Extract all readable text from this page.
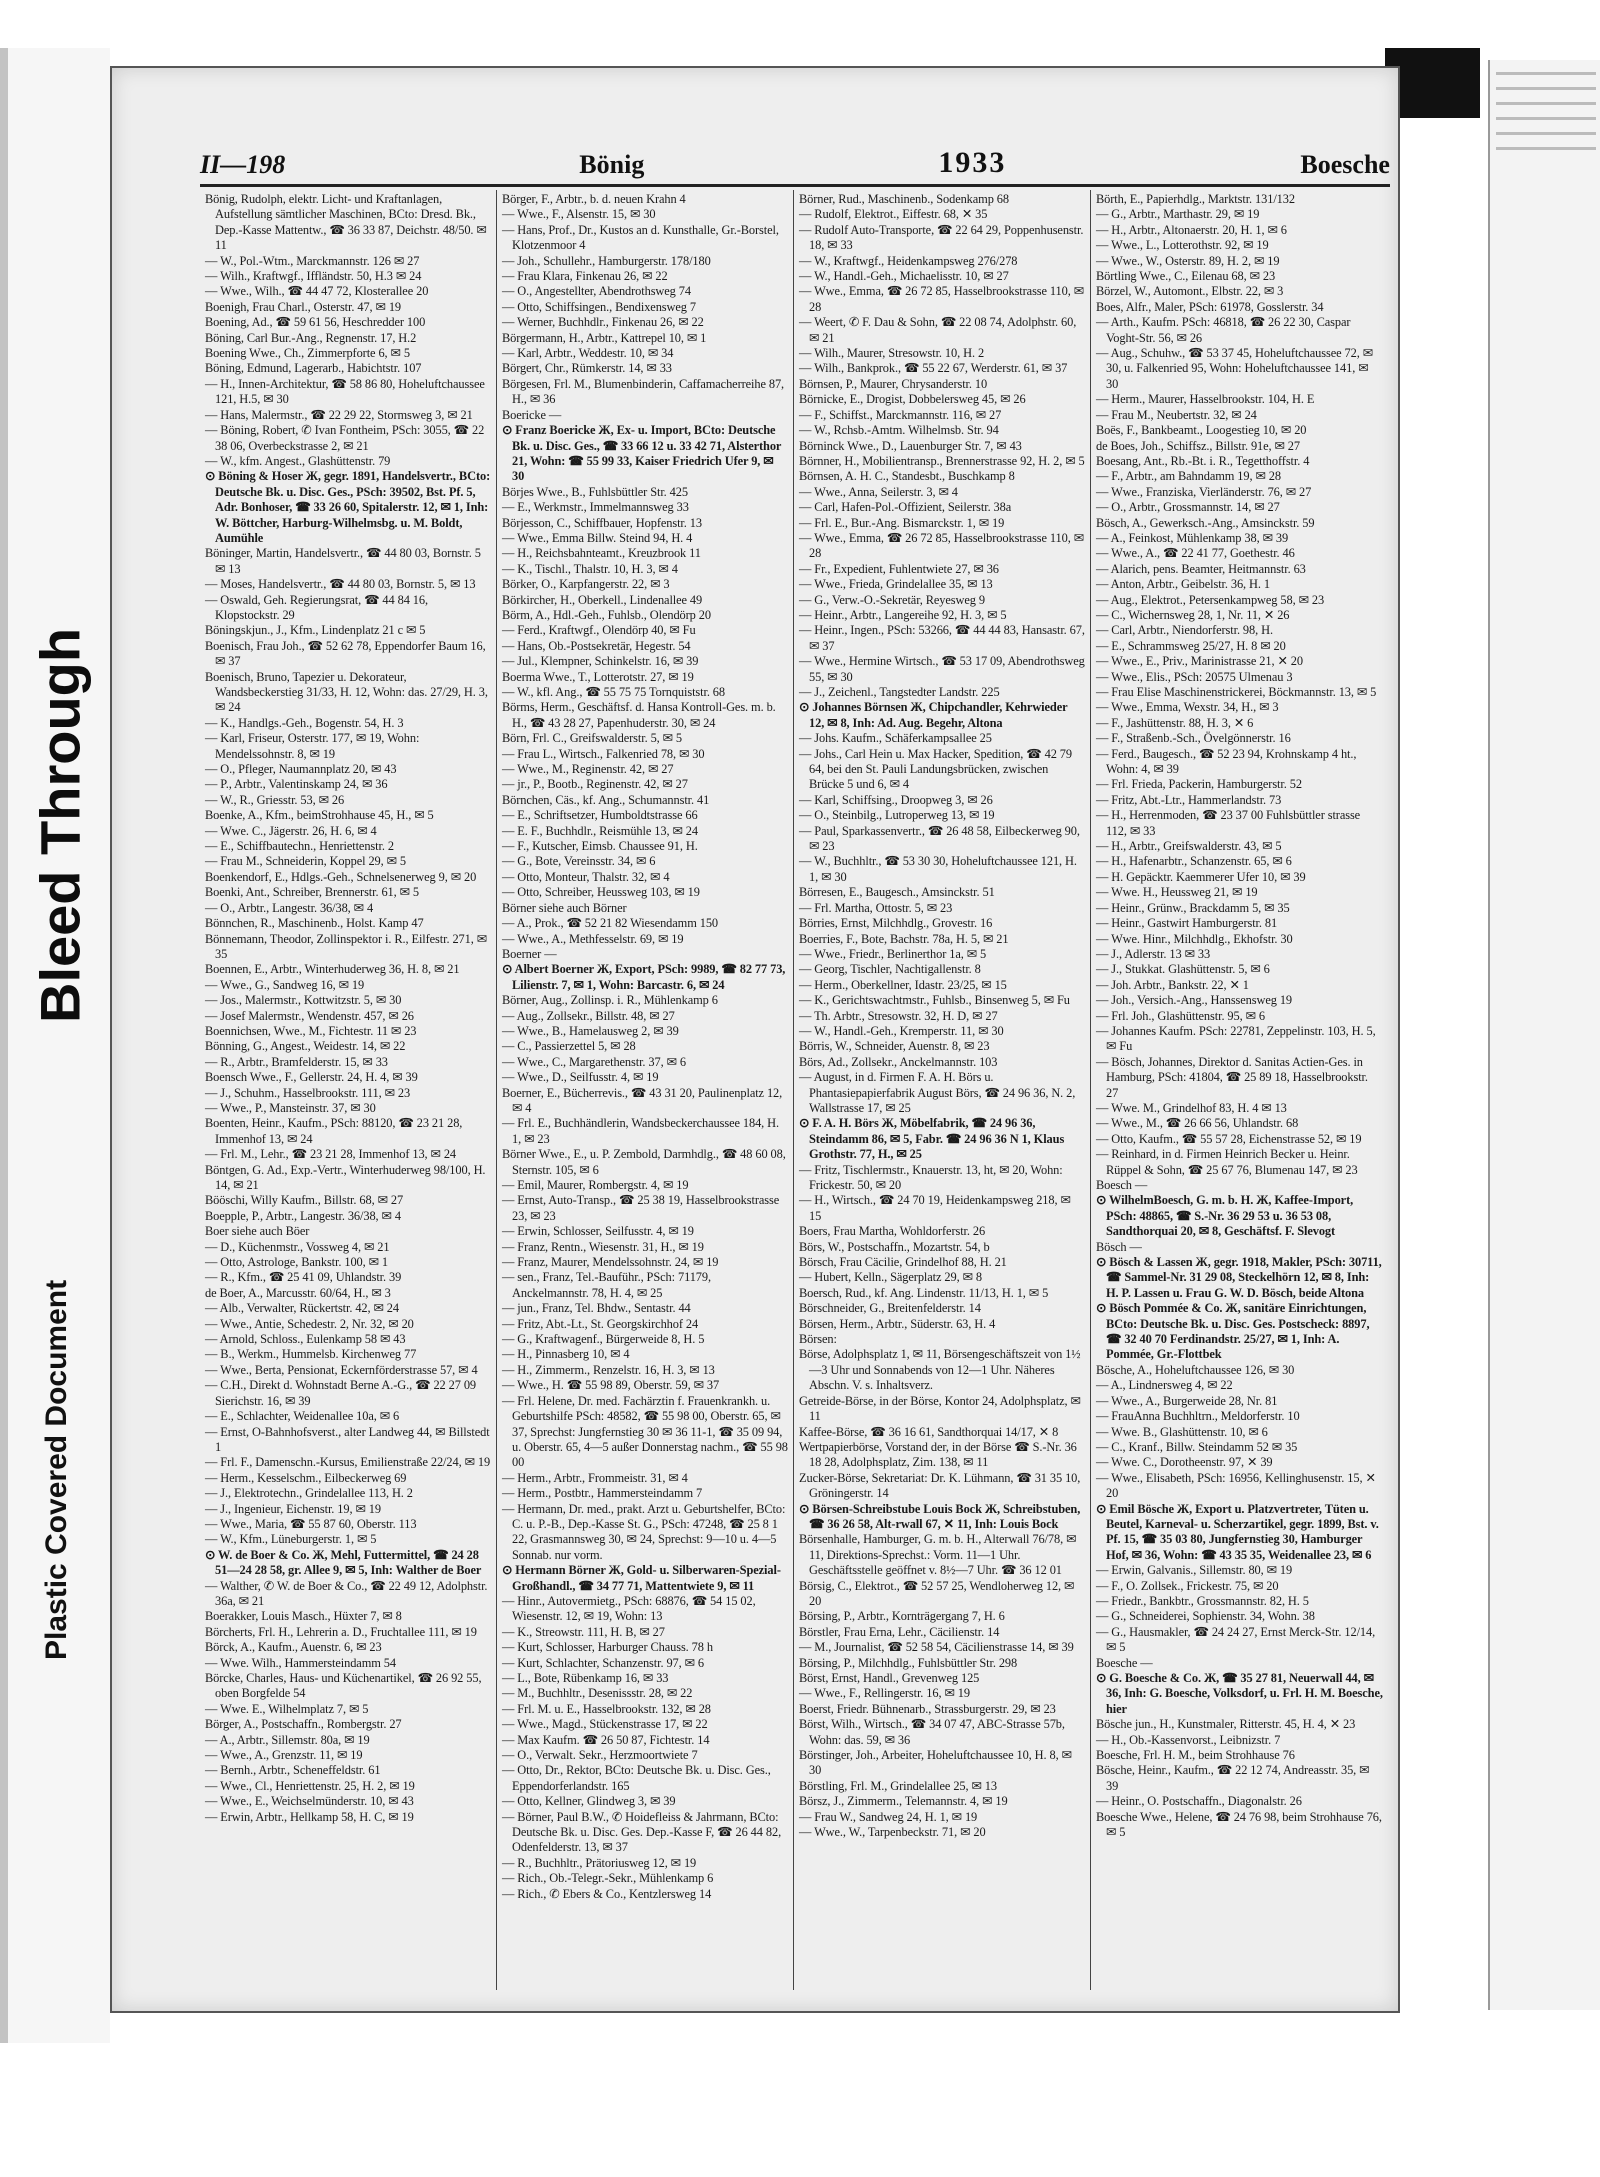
Bleed Through
Plastic Covered Document
II—198	Bönig	1933	Boesche

Bönig, Rudolph, elektr. Licht- und Kraftanlagen, Aufstellung sämtlicher Maschinen, BCto: Dresd. Bk., Dep.-Kasse Mattentw., ☎ 36 33 87, Deichstr. 48/50. ✉ 11

— W., Pol.-Wtm., Marckmannstr. 126 ✉ 27

— Wilh., Kraftwgf., Iffländstr. 50, H.3 ✉ 24

— Wwe., Wilh., ☎ 44 47 72, Klosterallee 20

Boenigh, Frau Charl., Osterstr. 47, ✉ 19

Boening, Ad., ☎ 59 61 56, Heschredder 100

Böning, Carl Bur.-Ang., Regnenstr. 17, H.2

Boening Wwe., Ch., Zimmerpforte 6, ✉ 5

Böning, Edmund, Lagerarb., Habichtstr. 107

— H., Innen-Architektur, ☎ 58 86 80, Hoheluftchaussee 121, H.5, ✉ 30

— Hans, Malermstr., ☎ 22 29 22, Stormsweg 3, ✉ 21

— Böning, Robert, ✆ Ivan Fontheim, PSch: 3055, ☎ 22 38 06, Overbeckstrasse 2, ✉ 21

— W., kfm. Angest., Glashüttenstr. 79

⊙ Böning & Hoser Ж, gegr. 1891, Handelsvertr., BCto: Deutsche Bk. u. Disc. Ges., PSch: 39502, Bst. Pf. 5, Adr. Bonhoser, ☎ 33 26 60, Spitalerstr. 12, ✉ 1, Inh: W. Böttcher, Harburg-Wilhelmsbg. u. M. Boldt, Aumühle

Böninger, Martin, Handelsvertr., ☎ 44 80 03, Bornstr. 5 ✉ 13

— Moses, Handelsvertr., ☎ 44 80 03, Bornstr. 5, ✉ 13

— Oswald, Geh. Regierungsrat, ☎ 44 84 16, Klopstockstr. 29

Böningskjun., J., Kfm., Lindenplatz 21 c ✉ 5

Boenisch, Frau Joh., ☎ 52 62 78, Eppendorfer Baum 16, ✉ 37

Boenisch, Bruno, Tapezier u. Dekorateur, Wandsbeckerstieg 31/33, H. 12, Wohn: das. 27/29, H. 3, ✉ 24

— K., Handlgs.-Geh., Bogenstr. 54, H. 3

— Karl, Friseur, Osterstr. 177, ✉ 19, Wohn: Mendelssohnstr. 8, ✉ 19

— O., Pfleger, Naumannplatz 20, ✉ 43

— P., Arbtr., Valentinskamp 24, ✉ 36

— W., R., Griesstr. 53, ✉ 26

Boenke, A., Kfm., beimStrohhause 45, H., ✉ 5

— Wwe. C., Jägerstr. 26, H. 6, ✉ 4

— E., Schiffbautechn., Henriettenstr. 2

— Frau M., Schneiderin, Koppel 29, ✉ 5

Boenkendorf, E., Hdlgs.-Geh., Schnelsenerweg 9, ✉ 20

Boenki, Ant., Schreiber, Brennerstr. 61, ✉ 5

— O., Arbtr., Langestr. 36/38, ✉ 4

Bönnchen, R., Maschinenb., Holst. Kamp 47

Bönnemann, Theodor, Zollinspektor i. R., Eilfestr. 271, ✉ 35

Boennen, E., Arbtr., Winterhuderweg 36, H. 8, ✉ 21

— Wwe., G., Sandweg 16, ✉ 19

— Jos., Malermstr., Kottwitzstr. 5, ✉ 30

— Josef Malermstr., Wendenstr. 457, ✉ 26

Boennichsen, Wwe., M., Fichtestr. 11 ✉ 23

Bönning, G., Angest., Weidestr. 14, ✉ 22

— R., Arbtr., Bramfelderstr. 15, ✉ 33

Boensch Wwe., F., Gellerstr. 24, H. 4, ✉ 39

— J., Schuhm., Hasselbrookstr. 111, ✉ 23

— Wwe., P., Mansteinstr. 37, ✉ 30

Boenten, Heinr., Kaufm., PSch: 88120, ☎ 23 21 28, Immenhof 13, ✉ 24

— Frl. M., Lehr., ☎ 23 21 28, Immenhof 13, ✉ 24

Böntgen, G. Ad., Exp.-Vertr., Winterhuderweg 98/100, H. 14, ✉ 21

Bööschi, Willy Kaufm., Billstr. 68, ✉ 27

Boepple, P., Arbtr., Langestr. 36/38, ✉ 4

Boer siehe auch Böer

— D., Küchenmstr., Vossweg 4, ✉ 21

— Otto, Astrologe, Bankstr. 100, ✉ 1

— R., Kfm., ☎ 25 41 09, Uhlandstr. 39

de Boer, A., Marcusstr. 60/64, H., ✉ 3

— Alb., Verwalter, Rückertstr. 42, ✉ 24

— Wwe., Antie, Schedestr. 2, Nr. 32, ✉ 20

— Arnold, Schloss., Eulenkamp 58 ✉ 43

— B., Werkm., Hummelsb. Kirchenweg 77

— Wwe., Berta, Pensionat, Eckernförderstrasse 57, ✉ 4

— C.H., Direkt d. Wohnstadt Berne A.-G., ☎ 22 27 09 Sierichstr. 16, ✉ 39

— E., Schlachter, Weidenallee 10a, ✉ 6

— Ernst, O-Bahnhofsverst., alter Landweg 44, ✉ Billstedt 1

— Frl. F., Damenschn.-Kursus, Emilienstraße 22/24, ✉ 19

— Herm., Kesselschm., Eilbeckerweg 69

— J., Elektrotechn., Grindelallee 113, H. 2

— J., Ingenieur, Eichenstr. 19, ✉ 19

— Wwe., Maria, ☎ 55 87 60, Oberstr. 113

— W., Kfm., Lüneburgerstr. 1, ✉ 5

⊙ W. de Boer & Co. Ж, Mehl, Futtermittel, ☎ 24 28 51—24 28 58, gr. Allee 9, ✉ 5, Inh: Walther de Boer

— Walther, ✆ W. de Boer & Co., ☎ 22 49 12, Adolphstr. 36a, ✉ 21

Boerakker, Louis Masch., Hüxter 7, ✉ 8

Börcherts, Frl. H., Lehrerin a. D., Fruchtallee 111, ✉ 19

Börck, A., Kaufm., Auenstr. 6, ✉ 23

— Wwe. Wilh., Hammersteindamm 54

Börcke, Charles, Haus- und Küchenartikel, ☎ 26 92 55, oben Borgfelde 54

— Wwe. E., Wilhelmplatz 7, ✉ 5

Börger, A., Postschaffn., Rombergstr. 27

— A., Arbtr., Sillemstr. 80a, ✉ 19

— Wwe., A., Grenzstr. 11, ✉ 19

— Bernh., Arbtr., Scheneffeldstr. 61

— Wwe., Cl., Henriettenstr. 25, H. 2, ✉ 19

— Wwe., E., Weichselmünderstr. 10, ✉ 43

— Erwin, Arbtr., Hellkamp 58, H. C, ✉ 19

Börger, F., Arbtr., b. d. neuen Krahn 4

— Wwe., F., Alsenstr. 15, ✉ 30

— Hans, Prof., Dr., Kustos an d. Kunsthalle, Gr.-Borstel, Klotzenmoor 4

— Joh., Schullehr., Hamburgerstr. 178/180

— Frau Klara, Finkenau 26, ✉ 22

— O., Angestellter, Abendrothsweg 74

— Otto, Schiffsingen., Bendixensweg 7

— Werner, Buchhdlr., Finkenau 26, ✉ 22

Börgermann, H., Arbtr., Kattrepel 10, ✉ 1

— Karl, Arbtr., Weddestr. 10, ✉ 34

Börgert, Chr., Rümkerstr. 14, ✉ 33

Börgesen, Frl. M., Blumenbinderin, Caffamacherreihe 87, H., ✉ 36

Boericke —

⊙ Franz Boericke Ж, Ex- u. Import, BCto: Deutsche Bk. u. Disc. Ges., ☎ 33 66 12 u. 33 42 71, Alsterthor 21, Wohn: ☎ 55 99 33, Kaiser Friedrich Ufer 9, ✉ 30

Börjes Wwe., B., Fuhlsbüttler Str. 425

— E., Werkmstr., Immelmannsweg 33

Börjesson, C., Schiffbauer, Hopfenstr. 13

— Wwe., Emma Billw. Steind 94, H. 4

— H., Reichsbahnteamt., Kreuzbrook 11

— K., Tischl., Thalstr. 10, H. 3, ✉ 4

Börker, O., Karpfangerstr. 22, ✉ 3

Börkircher, H., Oberkell., Lindenallee 49

Börm, A., Hdl.-Geh., Fuhlsb., Olendörp 20

— Ferd., Kraftwgf., Olendörp 40, ✉ Fu

— Hans, Ob.-Postsekretär, Hegestr. 54

— Jul., Klempner, Schinkelstr. 16, ✉ 39

Boerma Wwe., T., Lotterotstr. 27, ✉ 19

— W., kfl. Ang., ☎ 55 75 75 Tornquiststr. 68

Börms, Herm., Geschäftsf. d. Hansa Kontroll-Ges. m. b. H., ☎ 43 28 27, Papenhuderstr. 30, ✉ 24

Börn, Frl. C., Greifswalderstr. 5, ✉ 5

— Frau L., Wirtsch., Falkenried 78, ✉ 30

— Wwe., M., Reginenstr. 42, ✉ 27

— jr., P., Bootb., Reginenstr. 42, ✉ 27

Börnchen, Cäs., kf. Ang., Schumannstr. 41

— E., Schriftsetzer, Humboldtstrasse 66

— E. F., Buchhdlr., Reismühle 13, ✉ 24

— F., Kutscher, Eimsb. Chaussee 91, H.

— G., Bote, Vereinsstr. 34, ✉ 6

— Otto, Monteur, Thalstr. 32, ✉ 4

— Otto, Schreiber, Heussweg 103, ✉ 19

Börner siehe auch Börner

— A., Prok., ☎ 52 21 82 Wiesendamm 150

— Wwe., A., Methfesselstr. 69, ✉ 19

Boerner —

⊙ Albert Boerner Ж, Export, PSch: 9989, ☎ 82 77 73, Lilienstr. 7, ✉ 1, Wohn: Barcastr. 6, ✉ 24

Börner, Aug., Zollinsp. i. R., Mühlenkamp 6

— Aug., Zollsekr., Billstr. 48, ✉ 27

— Wwe., B., Hamelausweg 2, ✉ 39

— C., Passierzettel 5, ✉ 28

— Wwe., C., Margarethenstr. 37, ✉ 6

— Wwe., D., Seilfusstr. 4, ✉ 19

Boerner, E., Bücherrevis., ☎ 43 31 20, Paulinenplatz 12, ✉ 4

— Frl. E., Buchhändlerin, Wandsbeckerchaussee 184, H. 1, ✉ 23

Börner Wwe., E., u. P. Zembold, Darmhdlg., ☎ 48 60 08, Sternstr. 105, ✉ 6

— Emil, Maurer, Rombergstr. 4, ✉ 19

— Ernst, Auto-Transp., ☎ 25 38 19, Hasselbrookstrasse 23, ✉ 23

— Erwin, Schlosser, Seilfusstr. 4, ✉ 19

— Franz, Rentn., Wiesenstr. 31, H., ✉ 19

— Franz, Maurer, Mendelssohnstr. 24, ✉ 19

— sen., Franz, Tel.-Bauführ., PSch: 71179, Anckelmannstr. 78, H. 4, ✉ 25

— jun., Franz, Tel. Bhdw., Sentastr. 44

— Fritz, Abt.-Lt., St. Georgskirchhof 24

— G., Kraftwagenf., Bürgerweide 8, H. 5

— H., Pinnasberg 10, ✉ 4

— H., Zimmerm., Renzelstr. 16, H. 3, ✉ 13

— Wwe., H. ☎ 55 98 89, Oberstr. 59, ✉ 37

— Frl. Helene, Dr. med. Fachärztin f. Frauenkrankh. u. Geburtshilfe PSch: 48582, ☎ 55 98 00, Oberstr. 65, ✉ 37, Sprechst: Jungfernstieg 30 ✉ 36 11-1, ☎ 35 09 94, u. Oberstr. 65, 4—5 außer Donnerstag nachm., ☎ 55 98 00

— Herm., Arbtr., Frommeistr. 31, ✉ 4

— Herm., Postbtr., Hammersteindamm 7

— Hermann, Dr. med., prakt. Arzt u. Geburtshelfer, BCto: C. u. P.-B., Dep.-Kasse St. G., PSch: 47248, ☎ 25 8 1 22, Grasmannsweg 30, ✉ 24, Sprechst: 9—10 u. 4—5 Sonnab. nur vorm.

⊙ Hermann Börner Ж, Gold- u. Silberwaren-Spezial-Großhandl., ☎ 34 77 71, Mattentwiete 9, ✉ 11

— Hinr., Autovermietg., PSch: 68876, ☎ 54 15 02, Wiesenstr. 12, ✉ 19, Wohn: 13

— K., Streowstr. 111, H. B, ✉ 27

— Kurt, Schlosser, Harburger Chauss. 78 h

— Kurt, Schlachter, Schanzenstr. 97, ✉ 6

— L., Bote, Rübenkamp 16, ✉ 33

— M., Buchhltr., Desenissstr. 28, ✉ 22

— Frl. M. u. E., Hasselbrookstr. 132, ✉ 28

— Wwe., Magd., Stückenstrasse 17, ✉ 22

— Max Kaufm. ☎ 26 50 87, Fichtestr. 14

— O., Verwalt. Sekr., Herzmoortwiete 7

— Otto, Dr., Rektor, BCto: Deutsche Bk. u. Disc. Ges., Eppendorferlandstr. 165

— Otto, Kellner, Glindweg 3, ✉ 39

— Börner, Paul B.W., ✆ Hoidefleiss & Jahrmann, BCto: Deutsche Bk. u. Disc. Ges. Dep.-Kasse F, ☎ 26 44 82, Odenfelderstr. 13, ✉ 37

— R., Buchhltr., Prätoriusweg 12, ✉ 19

— Rich., Ob.-Telegr.-Sekr., Mühlenkamp 6

— Rich., ✆ Ebers & Co., Kentzlersweg 14

Börner, Rud., Maschinenb., Sodenkamp 68

— Rudolf, Elektrot., Eiffestr. 68, ✕ 35

— Rudolf Auto-Transporte, ☎ 22 64 29, Poppenhusenstr. 18, ✉ 33

— W., Kraftwgf., Heidenkampsweg 276/278

— W., Handl.-Geh., Michaelisstr. 10, ✉ 27

— Wwe., Emma, ☎ 26 72 85, Hasselbrookstrasse 110, ✉ 28

— Weert, ✆ F. Dau & Sohn, ☎ 22 08 74, Adolphstr. 60, ✉ 21

— Wilh., Maurer, Stresowstr. 10, H. 2

— Wilh., Bankprok., ☎ 55 22 67, Werderstr. 61, ✉ 37

Börnsen, P., Maurer, Chrysanderstr. 10

Börnicke, E., Drogist, Dobbelersweg 45, ✉ 26

— F., Schiffst., Marckmannstr. 116, ✉ 27

— W., Rchsb.-Amtm. Wilhelmsb. Str. 94

Börninck Wwe., D., Lauenburger Str. 7, ✉ 43

Börnner, H., Mobilientransp., Brennerstrasse 92, H. 2, ✉ 5

Börnsen, A. H. C., Standesbt., Buschkamp 8

— Wwe., Anna, Seilerstr. 3, ✉ 4

— Carl, Hafen-Pol.-Offizient, Seilerstr. 38a

— Frl. E., Bur.-Ang. Bismarckstr. 1, ✉ 19

— Wwe., Emma, ☎ 26 72 85, Hasselbrookstrasse 110, ✉ 28

— Fr., Expedient, Fuhlentwiete 27, ✉ 36

— Wwe., Frieda, Grindelallee 35, ✉ 13

— G., Verw.-O.-Sekretär, Reyesweg 9

— Heinr., Arbtr., Langereihe 92, H. 3, ✉ 5

— Heinr., Ingen., PSch: 53266, ☎ 44 44 83, Hansastr. 67, ✉ 37

— Wwe., Hermine Wirtsch., ☎ 53 17 09, Abendrothsweg 55, ✉ 30

— J., Zeichenl., Tangstedter Landstr. 225

⊙ Johannes Börnsen Ж, Chipchandler, Kehrwieder 12, ✉ 8, Inh: Ad. Aug. Begehr, Altona

— Johs. Kaufm., Schäferkampsallee 25

— Johs., Carl Hein u. Max Hacker, Spedition, ☎ 42 79 64, bei den St. Pauli Landungsbrücken, zwischen Brücke 5 und 6, ✉ 4

— Karl, Schiffsing., Droopweg 3, ✉ 26

— O., Steinbilg., Lutroperweg 13, ✉ 19

— Paul, Sparkassenvertr., ☎ 26 48 58, Eilbeckerweg 90, ✉ 23

— W., Buchhltr., ☎ 53 30 30, Hoheluftchaussee 121, H. 1, ✉ 30

Börresen, E., Baugesch., Amsinckstr. 51

— Frl. Martha, Ottostr. 5, ✉ 23

Börries, Ernst, Milchhdlg., Grovestr. 16

Boerries, F., Bote, Bachstr. 78a, H. 5, ✉ 21

— Wwe., Friedr., Berlinerthor 1a, ✉ 5

— Georg, Tischler, Nachtigallenstr. 8

— Herm., Oberkellner, Idastr. 23/25, ✉ 15

— K., Gerichtswachtmstr., Fuhlsb., Binsenweg 5, ✉ Fu

— Th. Arbtr., Stresowstr. 32, H. D, ✉ 27

— W., Handl.-Geh., Kremperstr. 11, ✉ 30

Börris, W., Schneider, Auenstr. 8, ✉ 23

Börs, Ad., Zollsekr., Anckelmannstr. 103

— August, in d. Firmen F. A. H. Börs u. Phantasiepapierfabrik August Börs, ☎ 24 96 36, N. 2, Wallstrasse 17, ✉ 25

⊙ F. A. H. Börs Ж, Möbelfabrik, ☎ 24 96 36, Steindamm 86, ✉ 5, Fabr. ☎ 24 96 36 N 1, Klaus Grothstr. 77, H., ✉ 25

— Fritz, Tischlermstr., Knauerstr. 13, ht, ✉ 20, Wohn: Frickestr. 50, ✉ 20

— H., Wirtsch., ☎ 24 70 19, Heidenkampsweg 218, ✉ 15

Boers, Frau Martha, Wohldorferstr. 26

Börs, W., Postschaffn., Mozartstr. 54, b

Börsch, Frau Cäcilie, Grindelhof 88, H. 21

— Hubert, Kelln., Sägerplatz 29, ✉ 8

Boersch, Rud., kf. Ang. Lindenstr. 11/13, H. 1, ✉ 5

Börschneider, G., Breitenfelderstr. 14

Börsen, Herm., Arbtr., Süderstr. 63, H. 4

Börsen:

Börse, Adolphsplatz 1, ✉ 11, Börsengeschäftszeit von 1½—3 Uhr und Sonnabends von 12—1 Uhr. Näheres Abschn. V. s. Inhaltsverz.

Getreide-Börse, in der Börse, Kontor 24, Adolphsplatz, ✉ 11

Kaffee-Börse, ☎ 36 16 61, Sandthorquai 14/17, ✕ 8

Wertpapierbörse, Vorstand der, in der Börse ☎ S.-Nr. 36 18 28, Adolphsplatz, Zim. 138, ✉ 11

Zucker-Börse, Sekretariat: Dr. K. Lühmann, ☎ 31 35 10, Gröningerstr. 14

⊙ Börsen-Schreibstube Louis Bock Ж, Schreibstuben, ☎ 36 26 58, Alt-rwall 67, ✕ 11, Inh: Louis Bock

Börsenhalle, Hamburger, G. m. b. H., Alterwall 76/78, ✉ 11, Direktions-Sprechst.: Vorm. 11—1 Uhr. Geschäftsstelle geöffnet v. 8½—7 Uhr. ☎ 36 12 01

Börsig, C., Elektrot., ☎ 52 57 25, Wendloherweg 12, ✉ 20

Börsing, P., Arbtr., Kornträgergang 7, H. 6

Börstler, Frau Erna, Lehr., Cäcilienstr. 14

— M., Journalist, ☎ 52 58 54, Cäcilienstrasse 14, ✉ 39

Börsing, P., Milchhdlg., Fuhlsbüttler Str. 298

Börst, Ernst, Handl., Grevenweg 125

— Wwe., F., Rellingerstr. 16, ✉ 19

Boerst, Friedr. Bühnenarb., Strassburgerstr. 29, ✉ 23

Börst, Wilh., Wirtsch., ☎ 34 07 47, ABC-Strasse 57b, Wohn: das. 59, ✉ 36

Börstinger, Joh., Arbeiter, Hoheluftchaussee 10, H. 8, ✉ 30

Börstling, Frl. M., Grindelallee 25, ✉ 13

Börsz, J., Zimmerm., Telemannstr. 4, ✉ 19

— Frau W., Sandweg 24, H. 1, ✉ 19

— Wwe., W., Tarpenbeckstr. 71, ✉ 20

Börth, E., Papierhdlg., Marktstr. 131/132

— G., Arbtr., Marthastr. 29, ✉ 19

— H., Arbtr., Altonaerstr. 20, H. 1, ✉ 6

— Wwe., L., Lotterothstr. 92, ✉ 19

— Wwe., W., Osterstr. 89, H. 2, ✉ 19

Börtling Wwe., C., Eilenau 68, ✉ 23

Börzel, W., Automont., Elbstr. 22, ✉ 3

Boes, Alfr., Maler, PSch: 61978, Gosslerstr. 34

— Arth., Kaufm. PSch: 46818, ☎ 26 22 30, Caspar Voght-Str. 56, ✉ 26

— Aug., Schuhw., ☎ 53 37 45, Hoheluftchaussee 72, ✉ 30, u. Falkenried 95, Wohn: Hoheluftchaussee 141, ✉ 30

— Herm., Maurer, Hasselbrookstr. 104, H. E

— Frau M., Neubertstr. 32, ✉ 24

Boës, F., Bankbeamt., Loogestieg 10, ✉ 20

de Boes, Joh., Schiffsz., Billstr. 91e, ✉ 27

Boesang, Ant., Rb.-Bt. i. R., Tegetthoffstr. 4

— F., Arbtr., am Bahndamm 19, ✉ 28

— Wwe., Franziska, Vierländerstr. 76, ✉ 27

— O., Arbtr., Grossmannstr. 14, ✉ 27

Bösch, A., Gewerksch.-Ang., Amsinckstr. 59

— A., Feinkost, Mühlenkamp 38, ✉ 39

— Wwe., A., ☎ 22 41 77, Goethestr. 46

— Alarich, pens. Beamter, Heitmannstr. 63

— Anton, Arbtr., Geibelstr. 36, H. 1

— Aug., Elektrot., Petersenkampweg 58, ✉ 23

— C., Wichernsweg 28, 1, Nr. 11, ✕ 26

— Carl, Arbtr., Niendorferstr. 98, H.

— E., Schrammsweg 25/27, H. 8 ✉ 20

— Wwe., E., Priv., Marinistrasse 21, ✕ 20

— Wwe., Elis., PSch: 20575 Ulmenau 3

— Frau Elise Maschinenstrickerei, Böckmannstr. 13, ✉ 5

— Wwe., Emma, Wexstr. 34, H., ✉ 3

— F., Jashüttenstr. 88, H. 3, ✕ 6

— F., Straßenb.-Sch., Övelgönnerstr. 16

— Ferd., Baugesch., ☎ 52 23 94, Krohnskamp 4 ht., Wohn: 4, ✉ 39

— Frl. Frieda, Packerin, Hamburgerstr. 52

— Fritz, Abt.-Ltr., Hammerlandstr. 73

— H., Herrenmoden, ☎ 23 37 00 Fuhlsbüttler strasse 112, ✉ 33

— H., Arbtr., Greifswalderstr. 43, ✉ 5

— H., Hafenarbtr., Schanzenstr. 65, ✉ 6

— H. Gepäcktr. Kaemmerer Ufer 10, ✉ 39

— Wwe. H., Heussweg 21, ✉ 19

— Heinr., Grünw., Brackdamm 5, ✉ 35

— Heinr., Gastwirt Hamburgerstr. 81

— Wwe. Hinr., Milchhdlg., Ekhofstr. 30

— J., Adlerstr. 13 ✉ 33

— J., Stukkat. Glashüttenstr. 5, ✉ 6

— Joh. Arbtr., Bankstr. 22, ✕ 1

— Joh., Versich.-Ang., Hanssensweg 19

— Frl. Joh., Glashüttenstr. 95, ✉ 6

— Johannes Kaufm. PSch: 22781, Zeppelinstr. 103, H. 5, ✉ Fu

— Bösch, Johannes, Direktor d. Sanitas Actien-Ges. in Hamburg, PSch: 41804, ☎ 25 89 18, Hasselbrookstr. 27

— Wwe. M., Grindelhof 83, H. 4 ✉ 13

— Wwe., M., ☎ 26 66 56, Uhlandstr. 68

— Otto, Kaufm., ☎ 55 57 28, Eichenstrasse 52, ✉ 19

— Reinhard, in d. Firmen Heinrich Becker u. Heinr. Rüppel & Sohn, ☎ 25 67 76, Blumenau 147, ✉ 23

Boesch —

⊙ WilhelmBoesch, G. m. b. H. Ж, Kaffee-Import, PSch: 48865, ☎ S.-Nr. 36 29 53 u. 36 53 08, Sandthorquai 20, ✉ 8, Geschäftsf. F. Slevogt

Bösch —

⊙ Bösch & Lassen Ж, gegr. 1918, Makler, PSch: 30711, ☎ Sammel-Nr. 31 29 08, Steckelhörn 12, ✉ 8, Inh: H. P. Lassen u. Frau G. W. D. Bösch, beide Altona

⊙ Bösch Pommée & Co. Ж, sanitäre Einrichtungen, BCto: Deutsche Bk. u. Disc. Ges. Postscheck: 8897, ☎ 32 40 70 Ferdinandstr. 25/27, ✉ 1, Inh: A. Pommée, Gr.-Flottbek

Bösche, A., Hoheluftchaussee 126, ✉ 30

— A., Lindnersweg 4, ✉ 22

— Wwe., A., Burgerweide 28, Nr. 81

— FrauAnna Buchhltrn., Meldorferstr. 10

— Wwe. B., Glashüttenstr. 10, ✉ 6

— C., Kranf., Billw. Steindamm 52 ✉ 35

— Wwe. C., Dorotheenstr. 97, ✕ 39

— Wwe., Elisabeth, PSch: 16956, Kellinghusenstr. 15, ✕ 20

⊙ Emil Bösche Ж, Export u. Platzvertreter, Tüten u. Beutel, Karneval- u. Scherzartikel, gegr. 1899, Bst. v. Pf. 15, ☎ 35 03 80, Jungfernstieg 30, Hamburger Hof, ✉ 36, Wohn: ☎ 43 35 35, Weidenallee 23, ✉ 6

— Erwin, Galvanis., Sillemstr. 80, ✉ 19

— F., O. Zollsek., Frickestr. 75, ✉ 20

— Friedr., Bankbtr., Grossmannstr. 82, H. 5

— G., Schneiderei, Sophienstr. 34, Wohn. 38

— G., Hausmakler, ☎ 24 24 27, Ernst Merck-Str. 12/14, ✉ 5

Boesche —

⊙ G. Boesche & Co. Ж, ☎ 35 27 81, Neuerwall 44, ✉ 36, Inh: G. Boesche, Volksdorf, u. Frl. H. M. Boesche, hier

Bösche jun., H., Kunstmaler, Ritterstr. 45, H. 4, ✕ 23

— H., Ob.-Kassenvorst., Leibnizstr. 7

Boesche, Frl. H. M., beim Strohhause 76

Bösche, Heinr., Kaufm., ☎ 22 12 74, Andreasstr. 35, ✉ 39

— Heinr., O. Postschaffn., Diagonalstr. 26

Boesche Wwe., Helene, ☎ 24 76 98, beim Strohhause 76, ✉ 5
